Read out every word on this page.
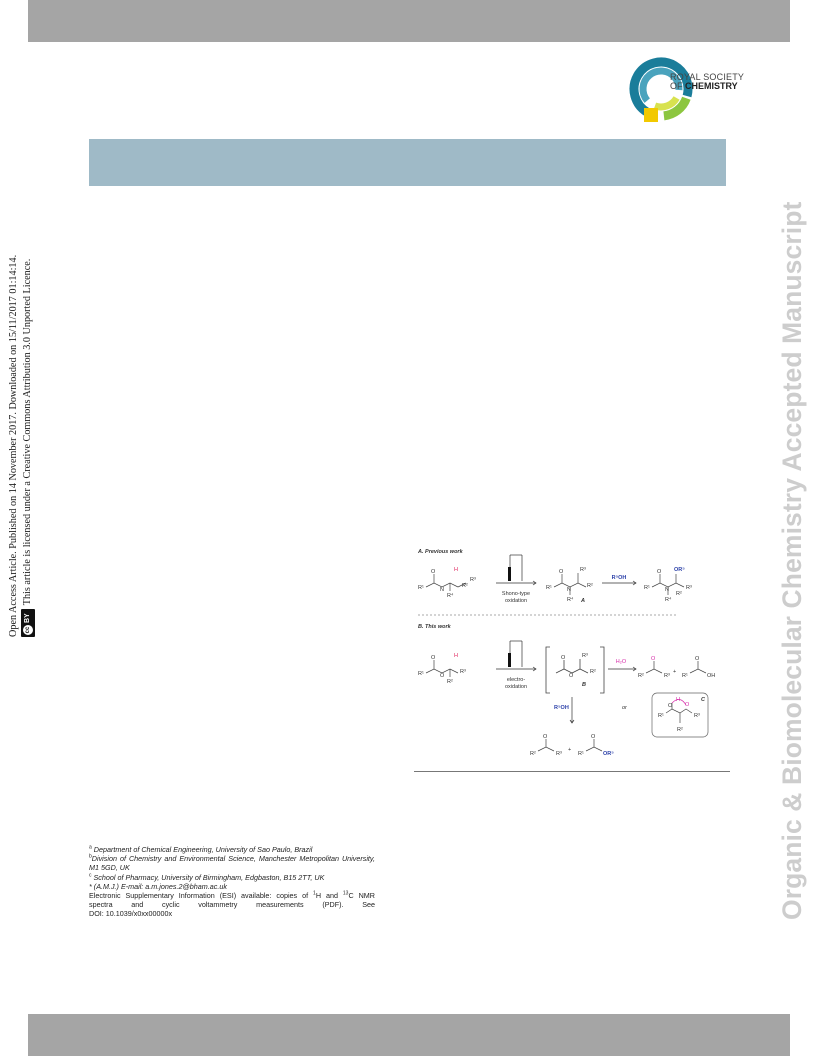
ROYAL SOCIETY
OF CHEMISTRY
Open Access Article. Published on 14 November 2017. Downloaded on 15/11/2017 01:14:14.	cc
BY
This article is licensed under a Creative Commons Attribution 3.0 Unported Licence.	Organic & Biomolecular Chemistry Accepted Manuscript
A. Previous work
R¹
O
N
R⁴
H
R²
R³
Shono-type
oxidation
R¹
O
N
R⁴
R³
R²
A
R⁵OH
R¹
O
N
R⁴
OR⁵
R³
R²
B. This work
R¹
O
O
H
R²
R³
electro-
oxidation
O
O
R³
R²
B
H₂O	O
R²	R³
+
O
R¹	OH
R⁵OH	or
H
O
O
R¹	R³
R²
C
O
R²	R³
+
O
R¹	OR⁵

$^a$ Department of Chemical Engineering, University of Sao Paulo, Brazil

$^b$Division of Chemistry and Environmental Science, Manchester Metropolitan University, M1 5GD, UK

$^c$ School of Pharmacy, University of Birmingham, Edgbaston, B15 2TT, UK

* (A.M.J.) E-mail: a.m.jones.2@bham.ac.uk

Electronic Supplementary Information (ESI) available: copies of $^1$H and $^{13}$C NMR

spectra and cyclic voltammetry measurements (PDF). See

DOI: 10.1039/x0xx00000x
